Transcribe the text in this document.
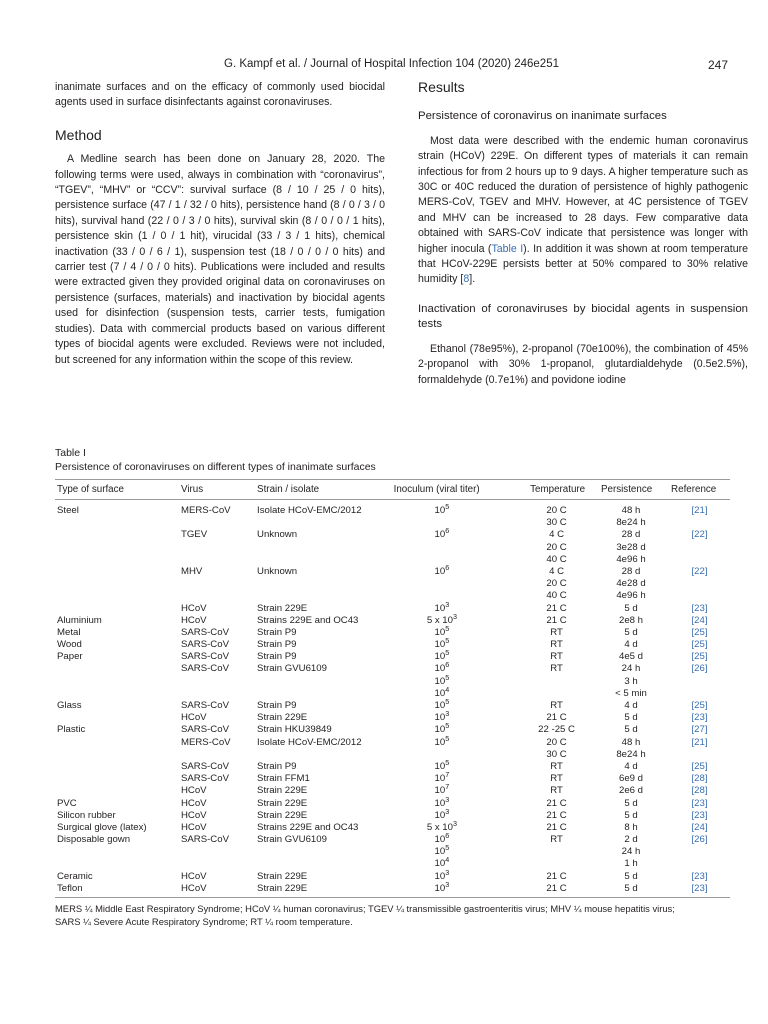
G. Kampf et al. / Journal of Hospital Infection 104 (2020) 246e251	247

inanimate surfaces and on the efficacy of commonly used biocidal agents used in surface disinfectants against coronaviruses.

Method

A Medline search has been done on January 28, 2020. The following terms were used, always in combination with “coronavirus”, “TGEV”, “MHV” or “CCV”: survival surface (8 / 10 / 25 / 0 hits), persistence surface (47 / 1 / 32 / 0 hits), persistence hand (8 / 0 / 3 / 0 hits), survival hand (22 / 0 / 3 / 0 hits), survival skin (8 / 0 / 0 / 1 hits), persistence skin (1 / 0 / 1 hit), virucidal (33 / 3 / 1 hits), chemical inactivation (33 / 0 / 6 / 1), suspension test (18 / 0 / 0 / 0 hits) and carrier test (7 / 4 / 0 / 0 hits). Publications were included and results were extracted given they provided original data on coronaviruses on persistence (surfaces, materials) and inactivation by biocidal agents used for disinfection (suspension tests, carrier tests, fumigation studies). Data with commercial products based on various different types of biocidal agents were excluded. Reviews were not included, but screened for any information within the scope of this review.

Results
Persistence of coronavirus on inanimate surfaces

Most data were described with the endemic human coronavirus strain (HCoV) 229E. On different types of materials it can remain infectious for from 2 hours up to 9 days. A higher temperature such as 30C or 40C reduced the duration of persistence of highly pathogenic MERS-CoV, TGEV and MHV. However, at 4C persistence of TGEV and MHV can be increased to 28 days. Few comparative data obtained with SARS-CoV indicate that persistence was longer with higher inocula (Table I). In addition it was shown at room temperature that HCoV-229E persists better at 50% compared to 30% relative humidity [8].

Inactivation of coronaviruses by biocidal agents in suspension tests

Ethanol (78e95%), 2-propanol (70e100%), the combination of 45% 2-propanol with 30% 1-propanol, glutardialdehyde (0.5e2.5%), formaldehyde (0.7e1%) and povidone iodine

Table I
Persistence of coronaviruses on different types of inanimate surfaces
Type of surface	Virus	Strain / isolate	Inoculum (viral titer)	Temperature	Persistence	Reference
Steel	MERS-CoV	Isolate HCoV-EMC/2012	$10^5$	20 C	48 h	[21]
				30 C	8e24 h	
	TGEV	Unknown	$10^6$	4 C	28 d	[22]
				20 C	3e28 d	
				40 C	4e96 h	
	MHV	Unknown	$10^6$	4 C	28 d	[22]
				20 C	4e28 d	
				40 C	4e96 h	
	HCoV	Strain 229E	$10^3$	21 C	5 d	[23]
Aluminium	HCoV	Strains 229E and OC43	5 x $10^3$	21 C	2e8 h	[24]
Metal	SARS-CoV	Strain P9	$10^5$	RT	5 d	[25]
Wood	SARS-CoV	Strain P9	$10^5$	RT	4 d	[25]
Paper	SARS-CoV	Strain P9	$10^5$	RT	4e5 d	[25]
	SARS-CoV	Strain GVU6109	$10^6$	RT	24 h	[26]
			$10^5$		3 h	
			$10^4$		< 5 min	
Glass	SARS-CoV	Strain P9	$10^5$	RT	4 d	[25]
	HCoV	Strain 229E	$10^3$	21 C	5 d	[23]
Plastic	SARS-CoV	Strain HKU39849	$10^5$	22 -25 C	5 d	[27]
	MERS-CoV	Isolate HCoV-EMC/2012	$10^5$	20 C	48 h	[21]
				30 C	8e24 h	
	SARS-CoV	Strain P9	$10^5$	RT	4 d	[25]
	SARS-CoV	Strain FFM1	$10^7$	RT	6e9 d	[28]
	HCoV	Strain 229E	$10^7$	RT	2e6 d	[28]
PVC	HCoV	Strain 229E	$10^3$	21 C	5 d	[23]
Silicon rubber	HCoV	Strain 229E	$10^3$	21 C	5 d	[23]
Surgical glove (latex)	HCoV	Strains 229E and OC43	5 x $10^3$	21 C	8 h	[24]
Disposable gown	SARS-CoV	Strain GVU6109	$10^6$	RT	2 d	[26]
			$10^5$		24 h	
			$10^4$		1 h	
Ceramic	HCoV	Strain 229E	$10^3$	21 C	5 d	[23]
Teflon	HCoV	Strain 229E	$10^3$	21 C	5 d	[23]
MERS ¼ Middle East Respiratory Syndrome; HCoV ¼ human coronavirus; TGEV ¼ transmissible gastroenteritis virus; MHV ¼ mouse hepatitis virus;
SARS ¼ Severe Acute Respiratory Syndrome; RT ¼ room temperature.
